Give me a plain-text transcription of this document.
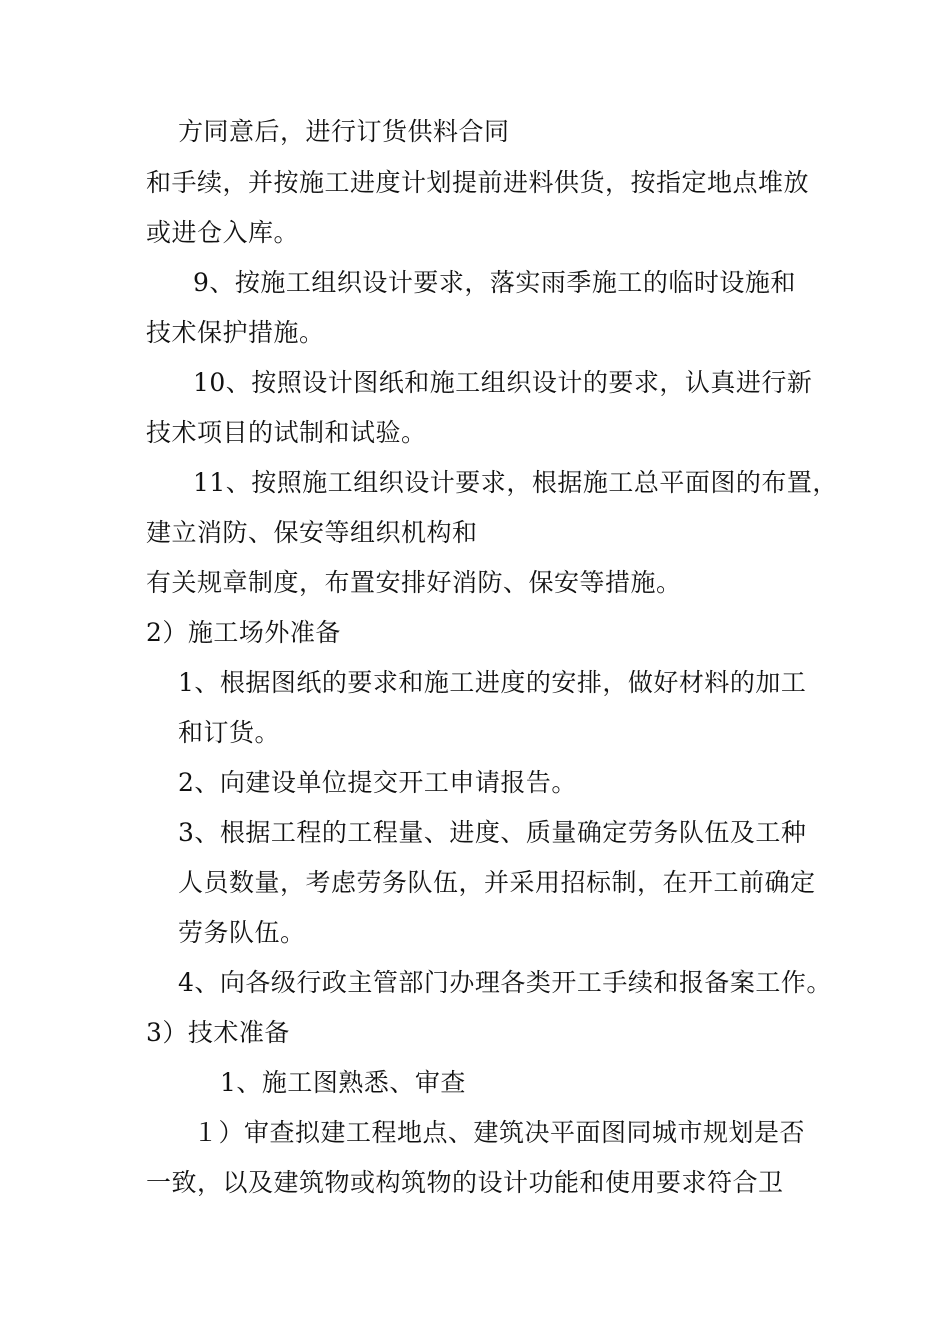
方同意后，进行订货供料合同
和手续，并按施工进度计划提前进料供货，按指定地点堆放
或进仓入库。
9、按施工组织设计要求，落实雨季施工的临时设施和
技术保护措施。
10、按照设计图纸和施工组织设计的要求，认真进行新
技术项目的试制和试验。
11、按照施工组织设计要求，根据施工总平面图的布置，
建立消防、保安等组织机构和
有关规章制度，布置安排好消防、保安等措施。
2）施工场外准备
1、根据图纸的要求和施工进度的安排，做好材料的加工
和订货。
2、向建设单位提交开工申请报告。
3、根据工程的工程量、进度、质量确定劳务队伍及工种
人员数量，考虑劳务队伍，并采用招标制，在开工前确定
劳务队伍。
4、向各级行政主管部门办理各类开工手续和报备案工作。
3）技术准备
1、施工图熟悉、审查
１）审查拟建工程地点、建筑决平面图同城市规划是否
一致，以及建筑物或构筑物的设计功能和使用要求符合卫
